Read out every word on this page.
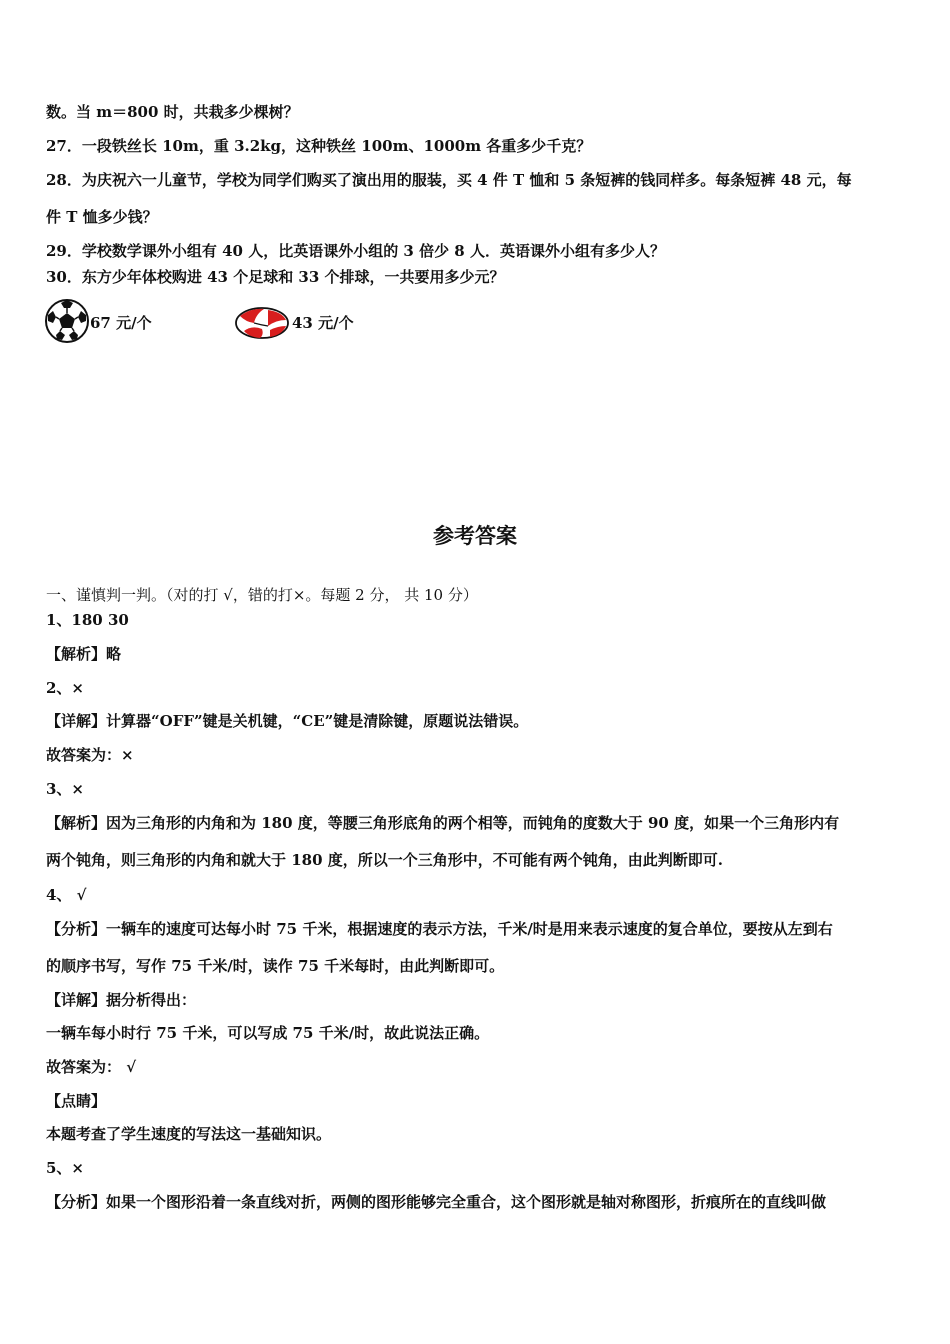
数。当 m＝800 时，共栽多少棵树？
27．一段铁丝长 10m，重 3.2kg，这种铁丝 100m、1000m 各重多少千克？
28．为庆祝六一儿童节，学校为同学们购买了演出用的服装，买 4 件 T 恤和 5 条短裤的钱同样多。每条短裤 48 元，每
件 T 恤多少钱？
29．学校数学课外小组有 40 人，比英语课外小组的 3 倍少 8 人．英语课外小组有多少人？
30．东方少年体校购进 43 个足球和 33 个排球，一共要用多少元？
67 元/个	43 元/个
参考答案
一、谨慎判一判。（对的打 √，错的打×。每题 2 分， 共 10 分）
1、180 30
【解析】略
2、×
【详解】计算器“OFF”键是关机键，“CE”键是清除键，原题说法错误。
故答案为：×
3、×
【解析】因为三角形的内角和为 180 度，等腰三角形底角的两个相等，而钝角的度数大于 90 度，如果一个三角形内有
两个钝角，则三角形的内角和就大于 180 度，所以一个三角形中，不可能有两个钝角，由此判断即可.
4、 √
【分析】一辆车的速度可达每小时 75 千米，根据速度的表示方法，千米/时是用来表示速度的复合单位，要按从左到右
的顺序书写，写作 75 千米/时，读作 75 千米每时，由此判断即可。
【详解】据分析得出：
一辆车每小时行 75 千米，可以写成 75 千米/时，故此说法正确。
故答案为： √
【点睛】
本题考查了学生速度的写法这一基础知识。
5、×
【分析】如果一个图形沿着一条直线对折，两侧的图形能够完全重合，这个图形就是轴对称图形，折痕所在的直线叫做
